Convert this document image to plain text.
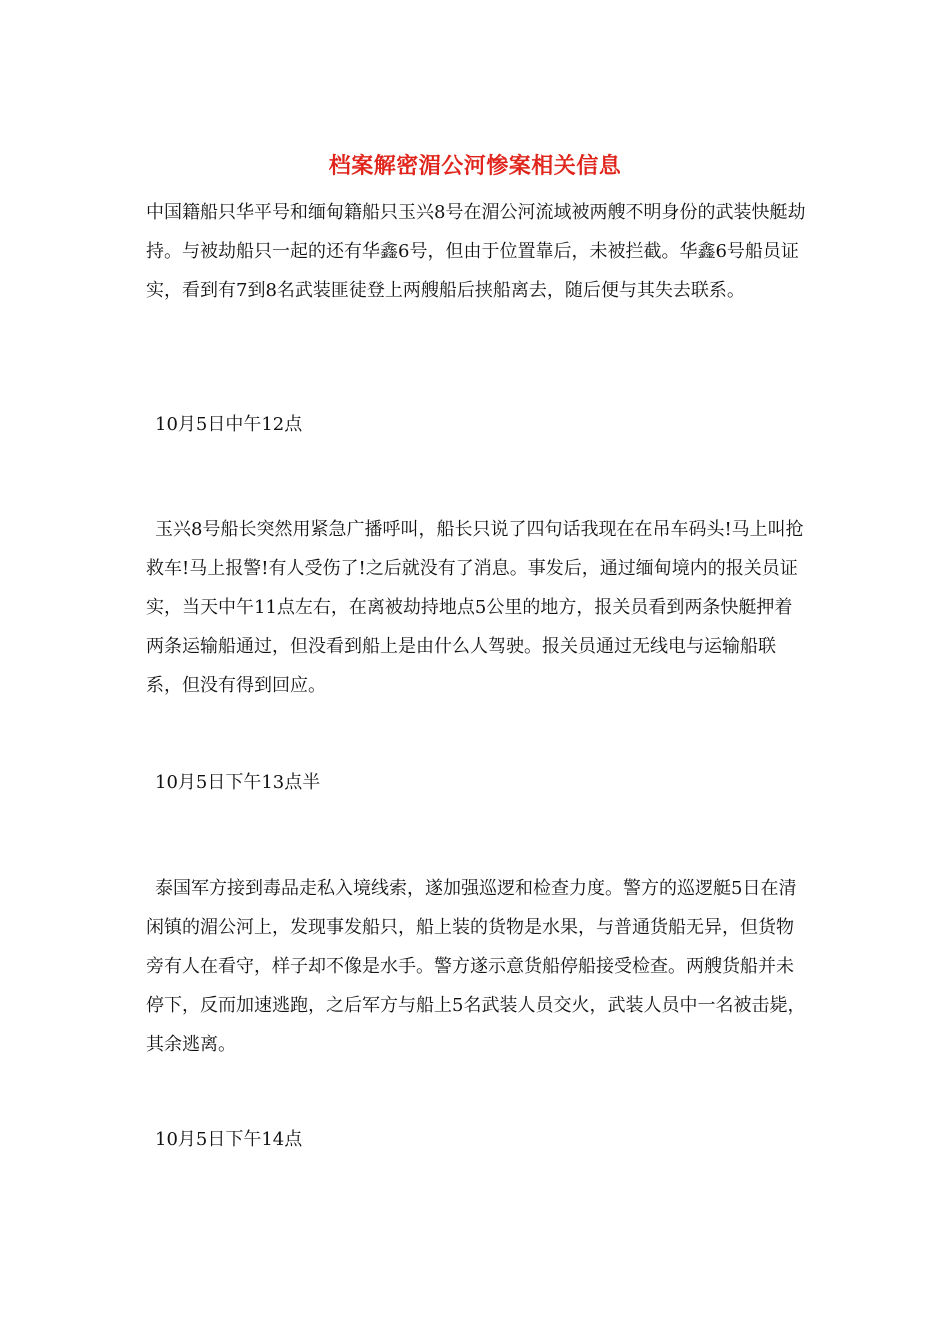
档案解密湄公河惨案相关信息

中国籍船只华平号和缅甸籍船只玉兴8号在湄公河流域被两艘不明身份的武装快艇劫持。与被劫船只一起的还有华鑫6号，但由于位置靠后，未被拦截。华鑫6号船员证实，看到有7到8名武装匪徒登上两艘船后挟船离去，随后便与其失去联系。

10月5日中午12点

玉兴8号船长突然用紧急广播呼叫，船长只说了四句话我现在在吊车码头!马上叫抢救车!马上报警!有人受伤了!之后就没有了消息。事发后，通过缅甸境内的报关员证实，当天中午11点左右，在离被劫持地点5公里的地方，报关员看到两条快艇押着两条运输船通过，但没看到船上是由什么人驾驶。报关员通过无线电与运输船联系，但没有得到回应。

10月5日下午13点半

泰国军方接到毒品走私入境线索，遂加强巡逻和检查力度。警方的巡逻艇5日在清闲镇的湄公河上，发现事发船只，船上装的货物是水果，与普通货船无异，但货物旁有人在看守，样子却不像是水手。警方遂示意货船停船接受检查。两艘货船并未停下，反而加速逃跑，之后军方与船上5名武装人员交火，武装人员中一名被击毙，其余逃离。

10月5日下午14点
